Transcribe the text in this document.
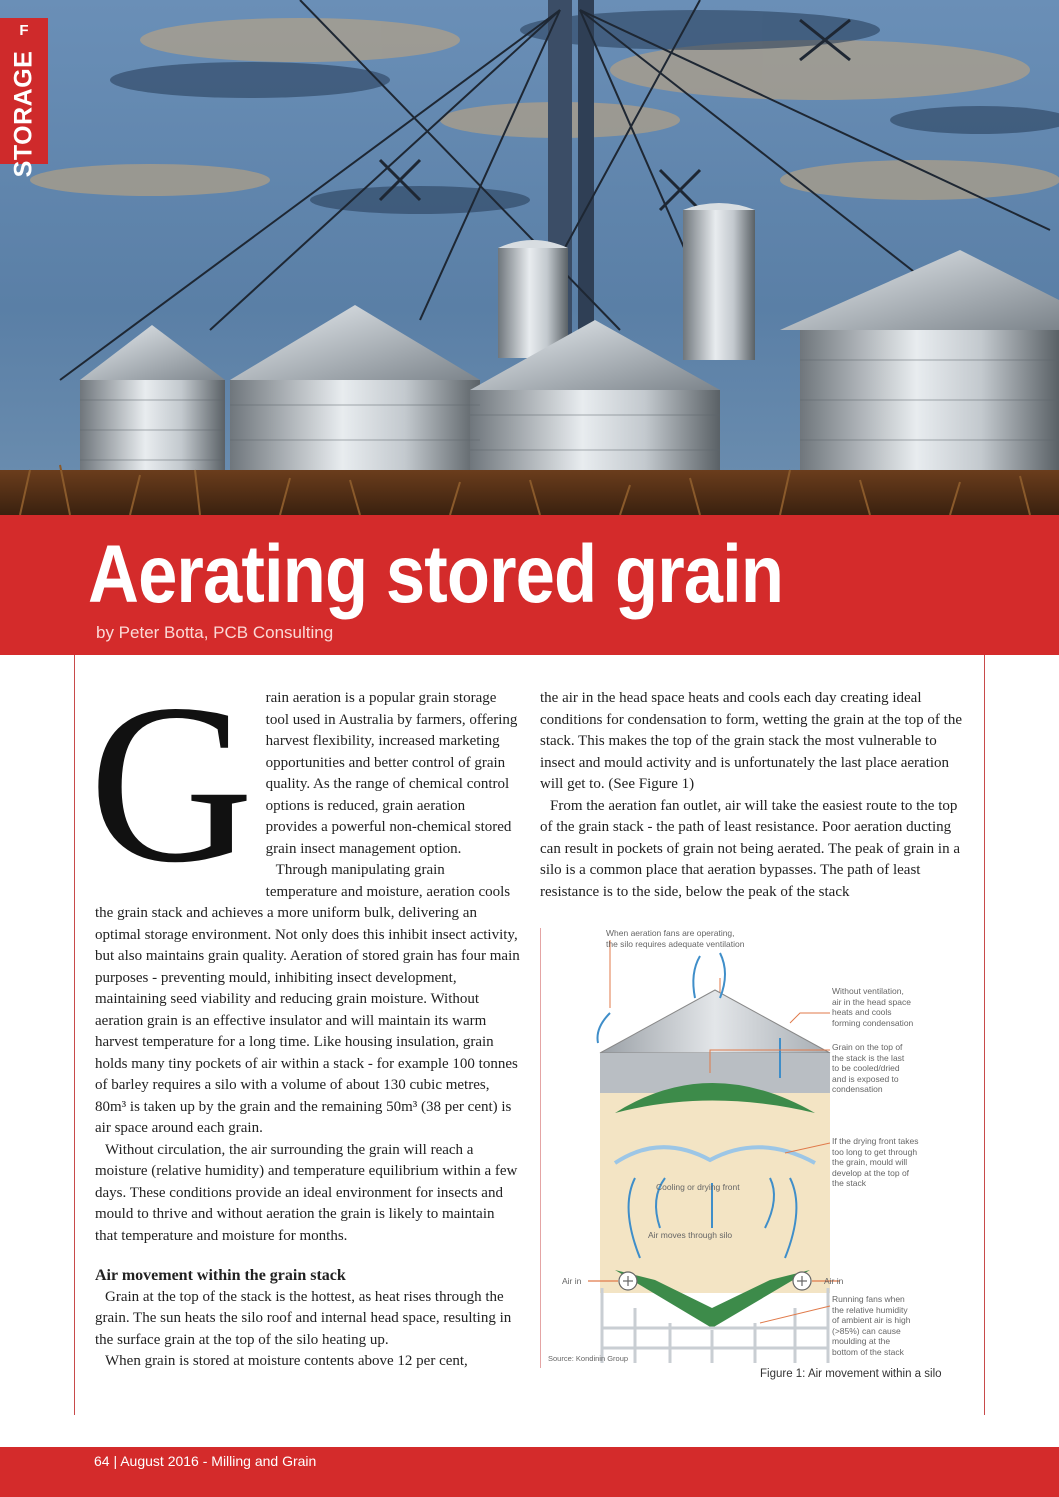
F
STORAGE
Aerating stored grain
by Peter Botta, PCB Consulting

Grain aeration is a popular grain storage tool used in Australia by farmers, offering harvest flexibility, increased marketing opportunities and better control of grain quality. As the range of chemical control options is reduced, grain aeration provides a powerful non-chemical stored grain insect management option.

Through manipulating grain temperature and moisture, aeration cools the grain stack and achieves a more uniform bulk, delivering an optimal storage environment. Not only does this inhibit insect activity, but also maintains grain quality. Aeration of stored grain has four main purposes - preventing mould, inhibiting insect development, maintaining seed viability and reducing grain moisture. Without aeration grain is an effective insulator and will maintain its warm harvest temperature for a long time. Like housing insulation, grain holds many tiny pockets of air within a stack - for example 100 tonnes of barley requires a silo with a volume of about 130 cubic metres, 80m³ is taken up by the grain and the remaining 50m³ (38 per cent) is air space around each grain.

Without circulation, the air surrounding the grain will reach a moisture (relative humidity) and temperature equilibrium within a few days. These conditions provide an ideal environment for insects and mould to thrive and without aeration the grain is likely to maintain that temperature and moisture for months.

Air movement within the grain stack

Grain at the top of the stack is the hottest, as heat rises through the grain. The sun heats the silo roof and internal head space, resulting in the surface grain at the top of the silo heating up.

When grain is stored at moisture contents above 12 per cent,

the air in the head space heats and cools each day creating ideal conditions for condensation to form, wetting the grain at the top of the stack. This makes the top of the grain stack the most vulnerable to insect and mould activity and is unfortunately the last place aeration will get to. (See Figure 1)

From the aeration fan outlet, air will take the easiest route to the top of the grain stack - the path of least resistance. Poor aeration ducting can result in pockets of grain not being aerated. The peak of grain in a silo is a common place that aeration bypasses. The path of least resistance is to the side, below the peak of the stack

When aeration fans are operating,
the silo requires adequate ventilation
Without ventilation,
air in the head space
heats and cools
forming condensation
Grain on the top of
the stack is the last
to be cooled/dried
and is exposed to
condensation
If the drying front takes
too long to get through
the grain, mould will
develop at the top of
the stack
Cooling or drying front
Air moves through silo
Air in	Air in
Running fans when
the relative humidity
of ambient air is high
(>85%) can cause
moulding at the
bottom of the stack
Source: Kondinin Group
Figure 1: Air movement within a silo
64 | August 2016 - Milling and Grain
